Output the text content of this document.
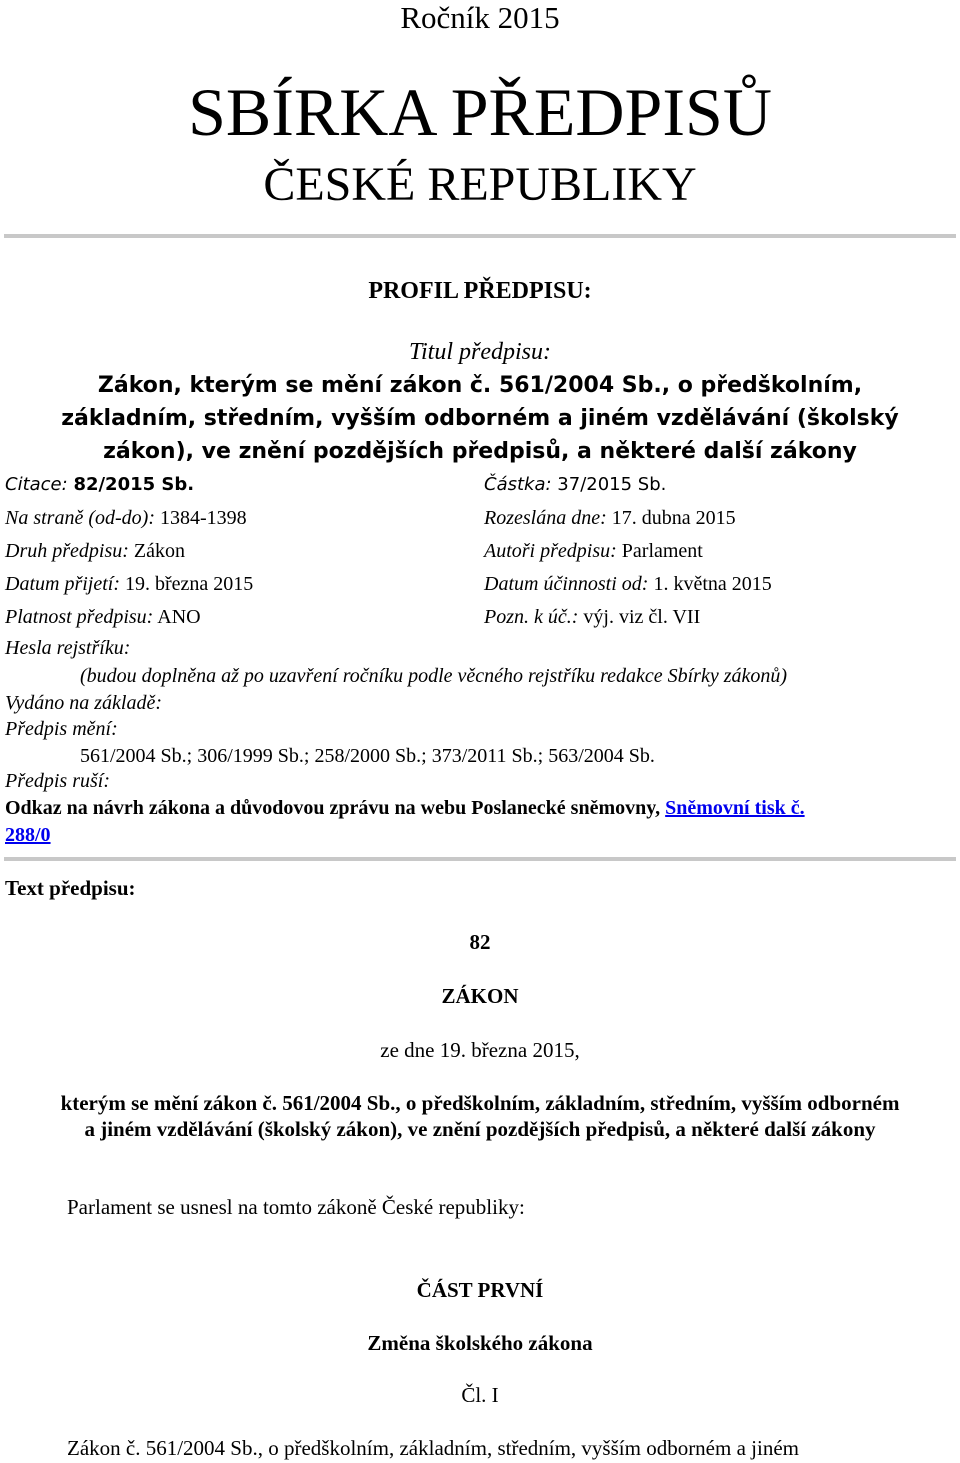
Ročník 2015
SBÍRKA PŘEDPISŮ
ČESKÉ REPUBLIKY
PROFIL PŘEDPISU:
Titul předpisu:
Zákon, kterým se mění zákon č. 561/2004 Sb., o předškolním,
základním, středním, vyšším odborném a jiném vzdělávání (školský
zákon), ve znění pozdějších předpisů, a některé další zákony
Citace: 82/2015 Sb.	Částka: 37/2015 Sb.
Na straně (od-do): 1384-1398	Rozeslána dne: 17. dubna 2015
Druh předpisu: Zákon	Autoři předpisu: Parlament
Datum přijetí: 19. března 2015	Datum účinnosti od: 1. května 2015
Platnost předpisu: ANO	Pozn. k úč.: výj. viz čl. VII
Hesla rejstříku:
(budou doplněna až po uzavření ročníku podle věcného rejstříku redakce Sbírky zákonů)
Vydáno na základě:
Předpis mění:
561/2004 Sb.; 306/1999 Sb.; 258/2000 Sb.; 373/2011 Sb.; 563/2004 Sb.
Předpis ruší:
Odkaz na návrh zákona a důvodovou zprávu na webu Poslanecké sněmovny, Sněmovní tisk č.
288/0
Text předpisu:
82
ZÁKON
ze dne 19. března 2015,
kterým se mění zákon č. 561/2004 Sb., o předškolním, základním, středním, vyšším odborném
a jiném vzdělávání (školský zákon), ve znění pozdějších předpisů, a některé další zákony
Parlament se usnesl na tomto zákoně České republiky:
ČÁST PRVNÍ
Změna školského zákona
Čl. I
Zákon č. 561/2004 Sb., o předškolním, základním, středním, vyšším odborném a jiném
